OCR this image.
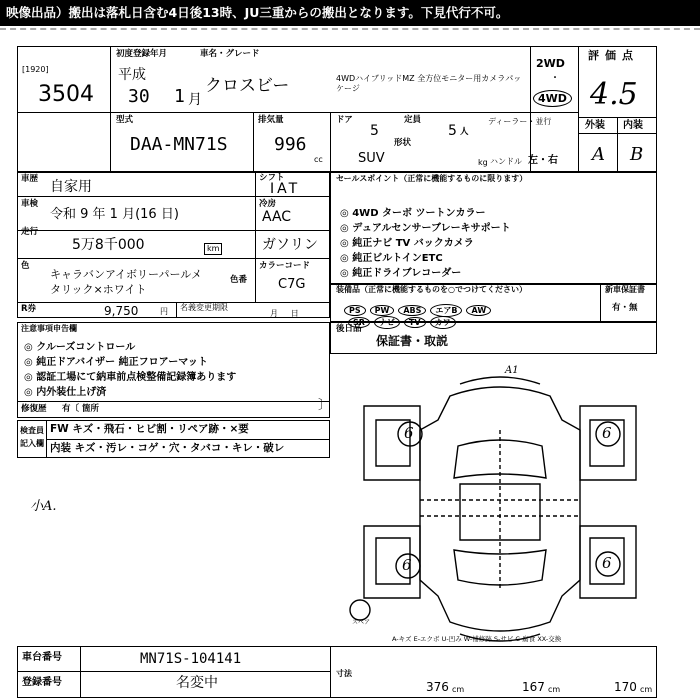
映像出品）搬出は落札日含む4日後13時、JU三重からの搬出となります。下見代行不可。
[1920]
3504
初度登録年月	車名・グレード
平成
30 1 月
クロスビー	4WDハイブリッドMZ 全方位モニター用カメラパッケージ
2WD
・
4WD
評価点
4.5
型式
DAA-MN71S
排気量
996
cc
ドア
5
定員
5 人
ディーラー・並行
形状
SUV	kg ハンドル 左・右
外装 内装
A B
車歴 自家用
シフト
IAT
車検
令和 9 年 1 月(16 日)
冷房
AAC
走行
5万8千000	km	ガソリン
色
キャラバンアイボリーパールメタリック×ホワイト
色番
カラーコード
C7G
R券	9,750	円 名義変更期限
月     日
セールスポイント（正常に機能するものに限ります）
◎ 4WD ターボ ツートンカラー
◎ デュアルセンサーブレーキサポート
◎ 純正ナビ TV バックカメラ
◎ 純正ビルトインETC
◎ 純正ドライブレコーダー
装備品（正常に機能するものを○でつけてください）
PS PW ABS エアB AW
SR ナビ TV カワ
新車保証書
有・無
注意事項申告欄
◎ クルーズコントロール
◎ 純正ドアバイザー 純正フロアーマット
◎ 認証工場にて納車前点検整備記録簿あります
◎ 内外装仕上げ済
修復歴 有〔 箇所	〕
後日品
保証書・取説
検査員記入欄
FW キズ・飛石・ヒビ割・リペア跡・×要
内装 キズ・汚レ・コゲ・穴・タバコ・キレ・破レ
小A.
A1
6	6
6	6
スペア
A-キズ E-エクボ U-凹み W-補修跡 S-サビ C-腐食 XX-交換
車台番号	MN71S-104141
登録番号	名変中
寸法
376 cm	167 cm	170 cm
